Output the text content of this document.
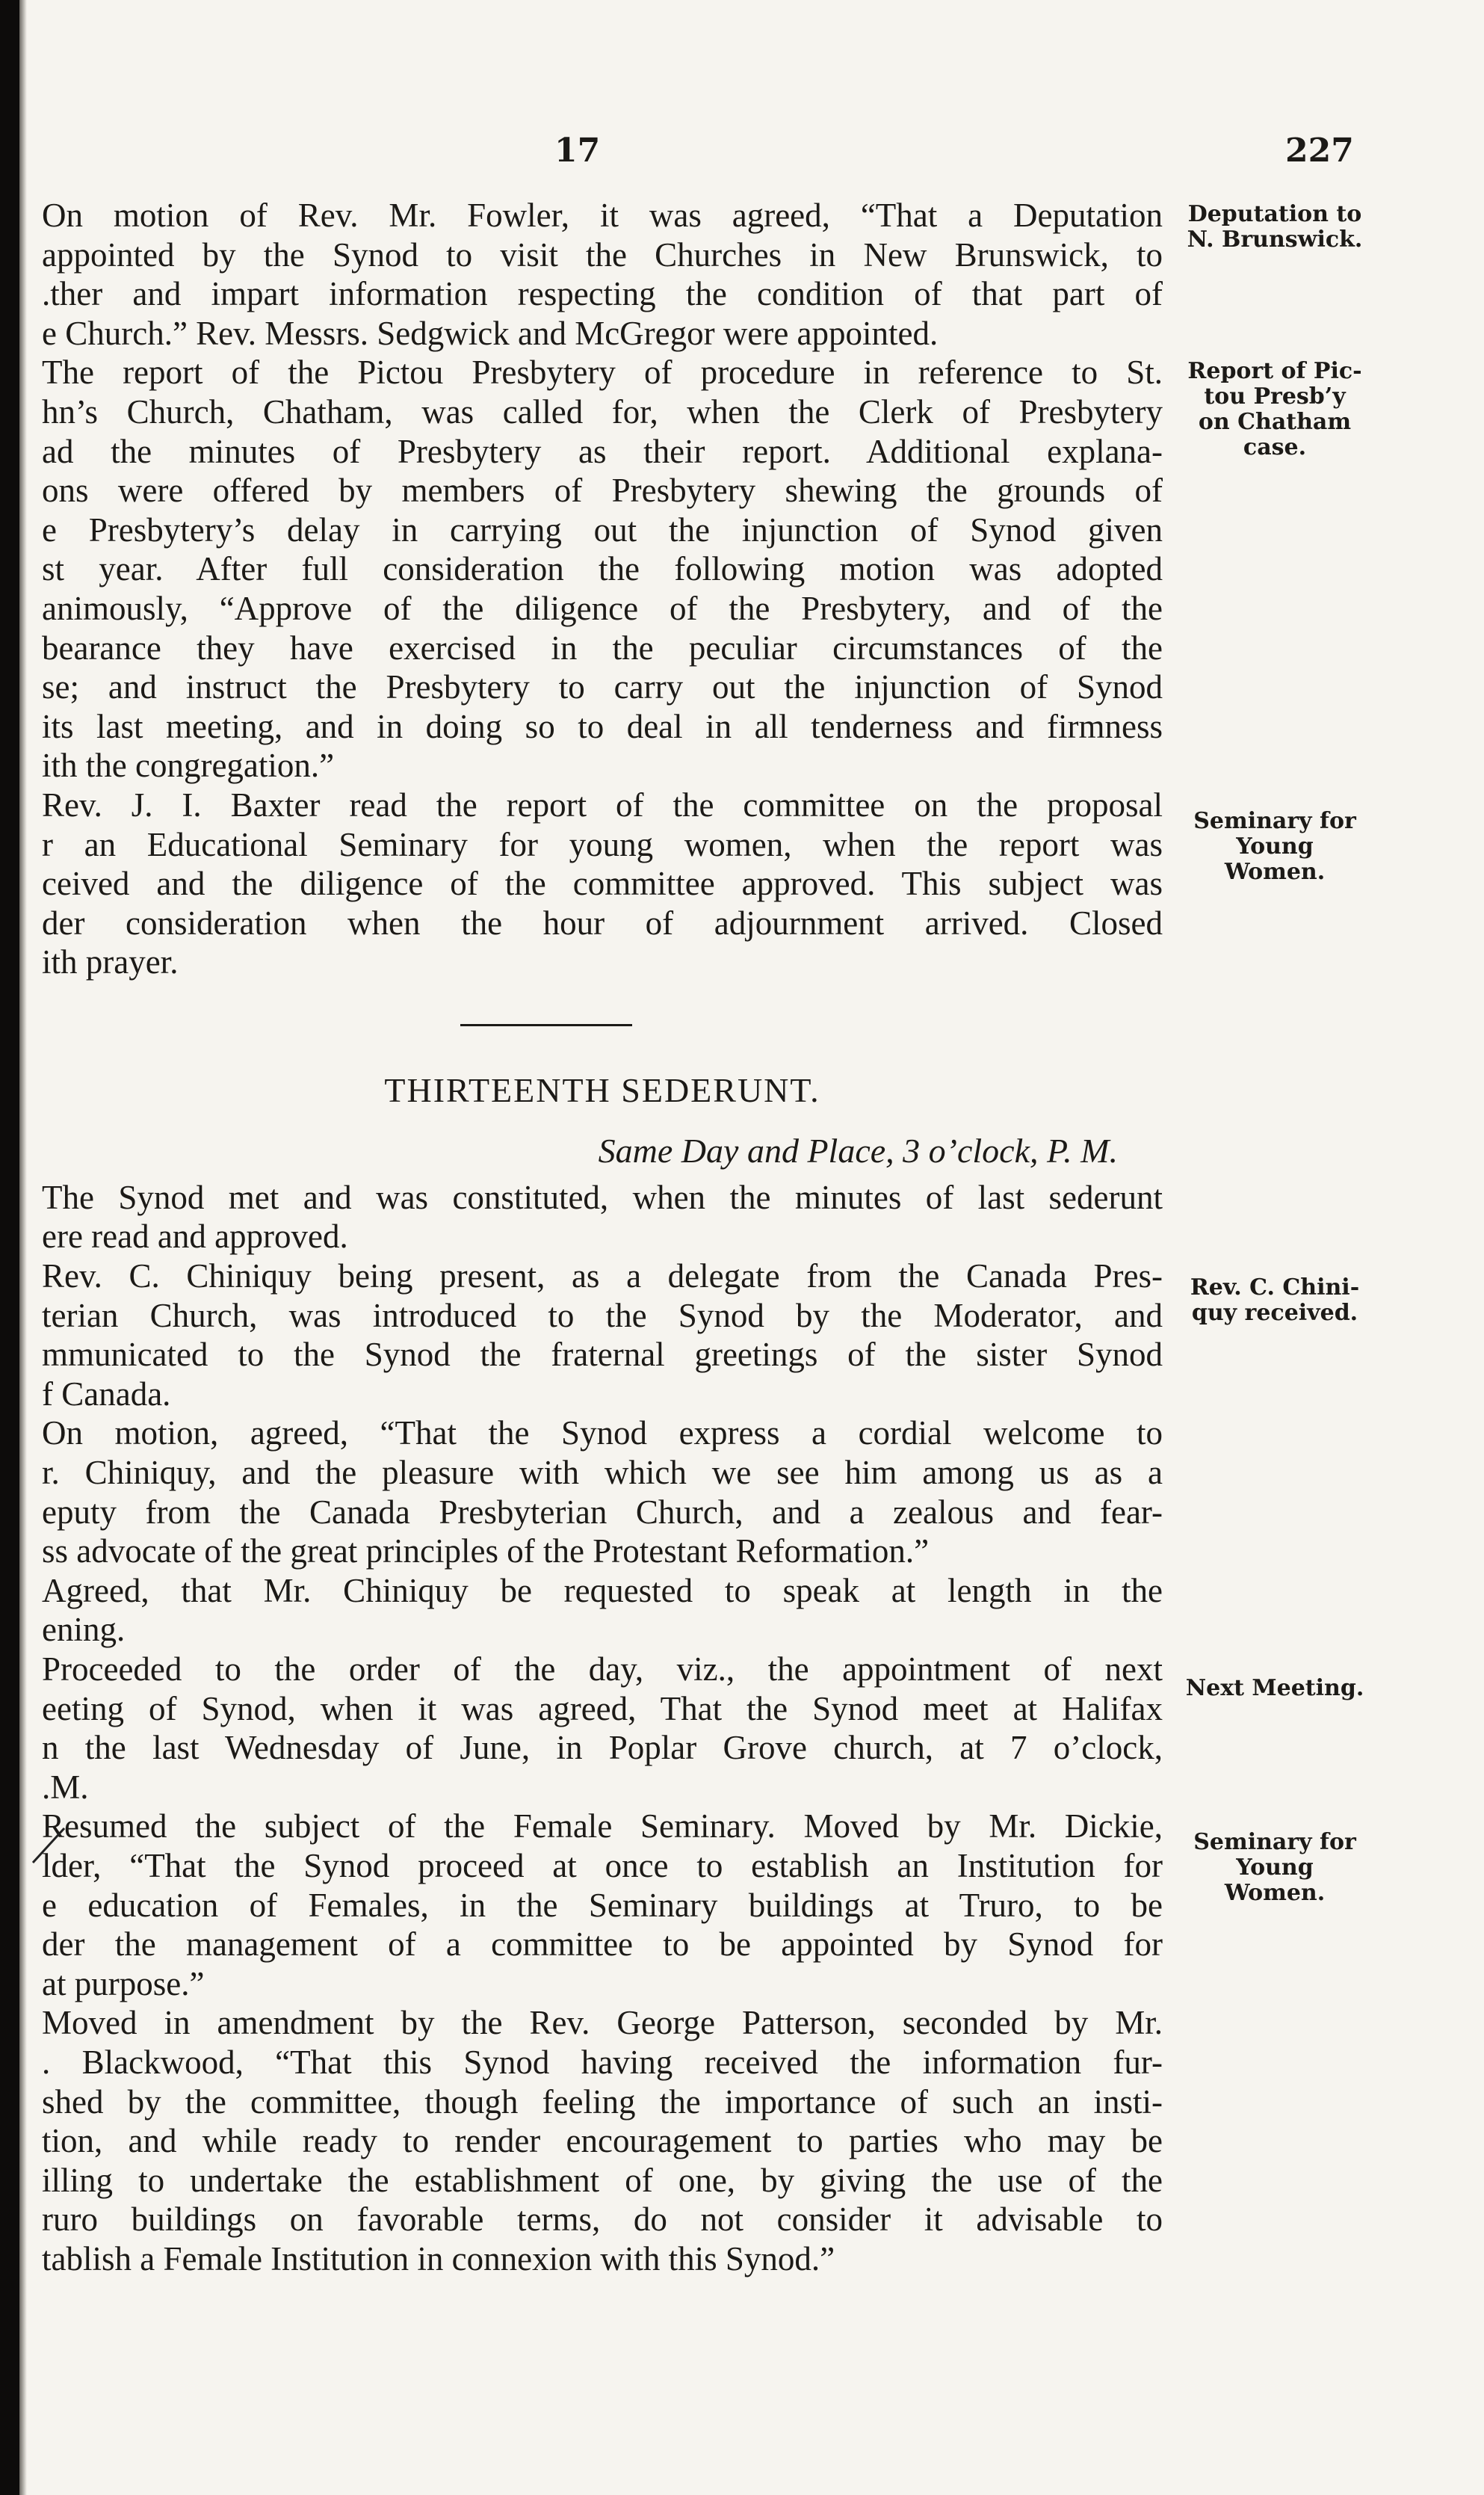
17	227
On motion of Rev. Mr. Fowler, it was agreed, “That a Deputation
appointed by the Synod to visit the Churches in New Brunswick, to
.ther and impart information respecting the condition of that part of
e Church.” Rev. Messrs. Sedgwick and McGregor were appointed.
The report of the Pictou Presbytery of procedure in reference to St.
hn’s Church, Chatham, was called for, when the Clerk of Presbytery
ad the minutes of Presbytery as their report. Additional explana-
ons were offered by members of Presbytery shewing the grounds of
e Presbytery’s delay in carrying out the injunction of Synod given
st year. After full consideration the following motion was adopted
animously, “Approve of the diligence of the Presbytery, and of the
bearance they have exercised in the peculiar circumstances of the
se; and instruct the Presbytery to carry out the injunction of Synod
its last meeting, and in doing so to deal in all tenderness and firmness
ith the congregation.”
Rev. J. I. Baxter read the report of the committee on the proposal
r an Educational Seminary for young women, when the report was
ceived and the diligence of the committee approved. This subject was
der consideration when the hour of adjournment arrived. Closed
ith prayer.
THIRTEENTH SEDERUNT.
Same Day and Place, 3 o’clock, P. M.
The Synod met and was constituted, when the minutes of last sederunt
ere read and approved.
Rev. C. Chiniquy being present, as a delegate from the Canada Pres-
terian Church, was introduced to the Synod by the Moderator, and
mmunicated to the Synod the fraternal greetings of the sister Synod
f Canada.
On motion, agreed, “That the Synod express a cordial welcome to
r. Chiniquy, and the pleasure with which we see him among us as a
eputy from the Canada Presbyterian Church, and a zealous and fear-
ss advocate of the great principles of the Protestant Reformation.”
Agreed, that Mr. Chiniquy be requested to speak at length in the
ening.
Proceeded to the order of the day, viz., the appointment of next
eeting of Synod, when it was agreed, That the Synod meet at Halifax
n the last Wednesday of June, in Poplar Grove church, at 7 o’clock,
.M.
Resumed the subject of the Female Seminary. Moved by Mr. Dickie,
lder, “That the Synod proceed at once to establish an Institution for
e education of Females, in the Seminary buildings at Truro, to be
der the management of a committee to be appointed by Synod for
at purpose.”
Moved in amendment by the Rev. George Patterson, seconded by Mr.
. Blackwood, “That this Synod having received the information fur-
shed by the committee, though feeling the importance of such an insti-
tion, and while ready to render encouragement to parties who may be
illing to undertake the establishment of one, by giving the use of the
ruro buildings on favorable terms, do not consider it advisable to
tablish a Female Institution in connexion with this Synod.”
Deputation to
N. Brunswick.
Report of Pic-
tou Presb’y
on Chatham
case.
Seminary for
Young
Women.
Rev. C. Chini-
quy received.
Next Meeting.
Seminary for
Young
Women.
